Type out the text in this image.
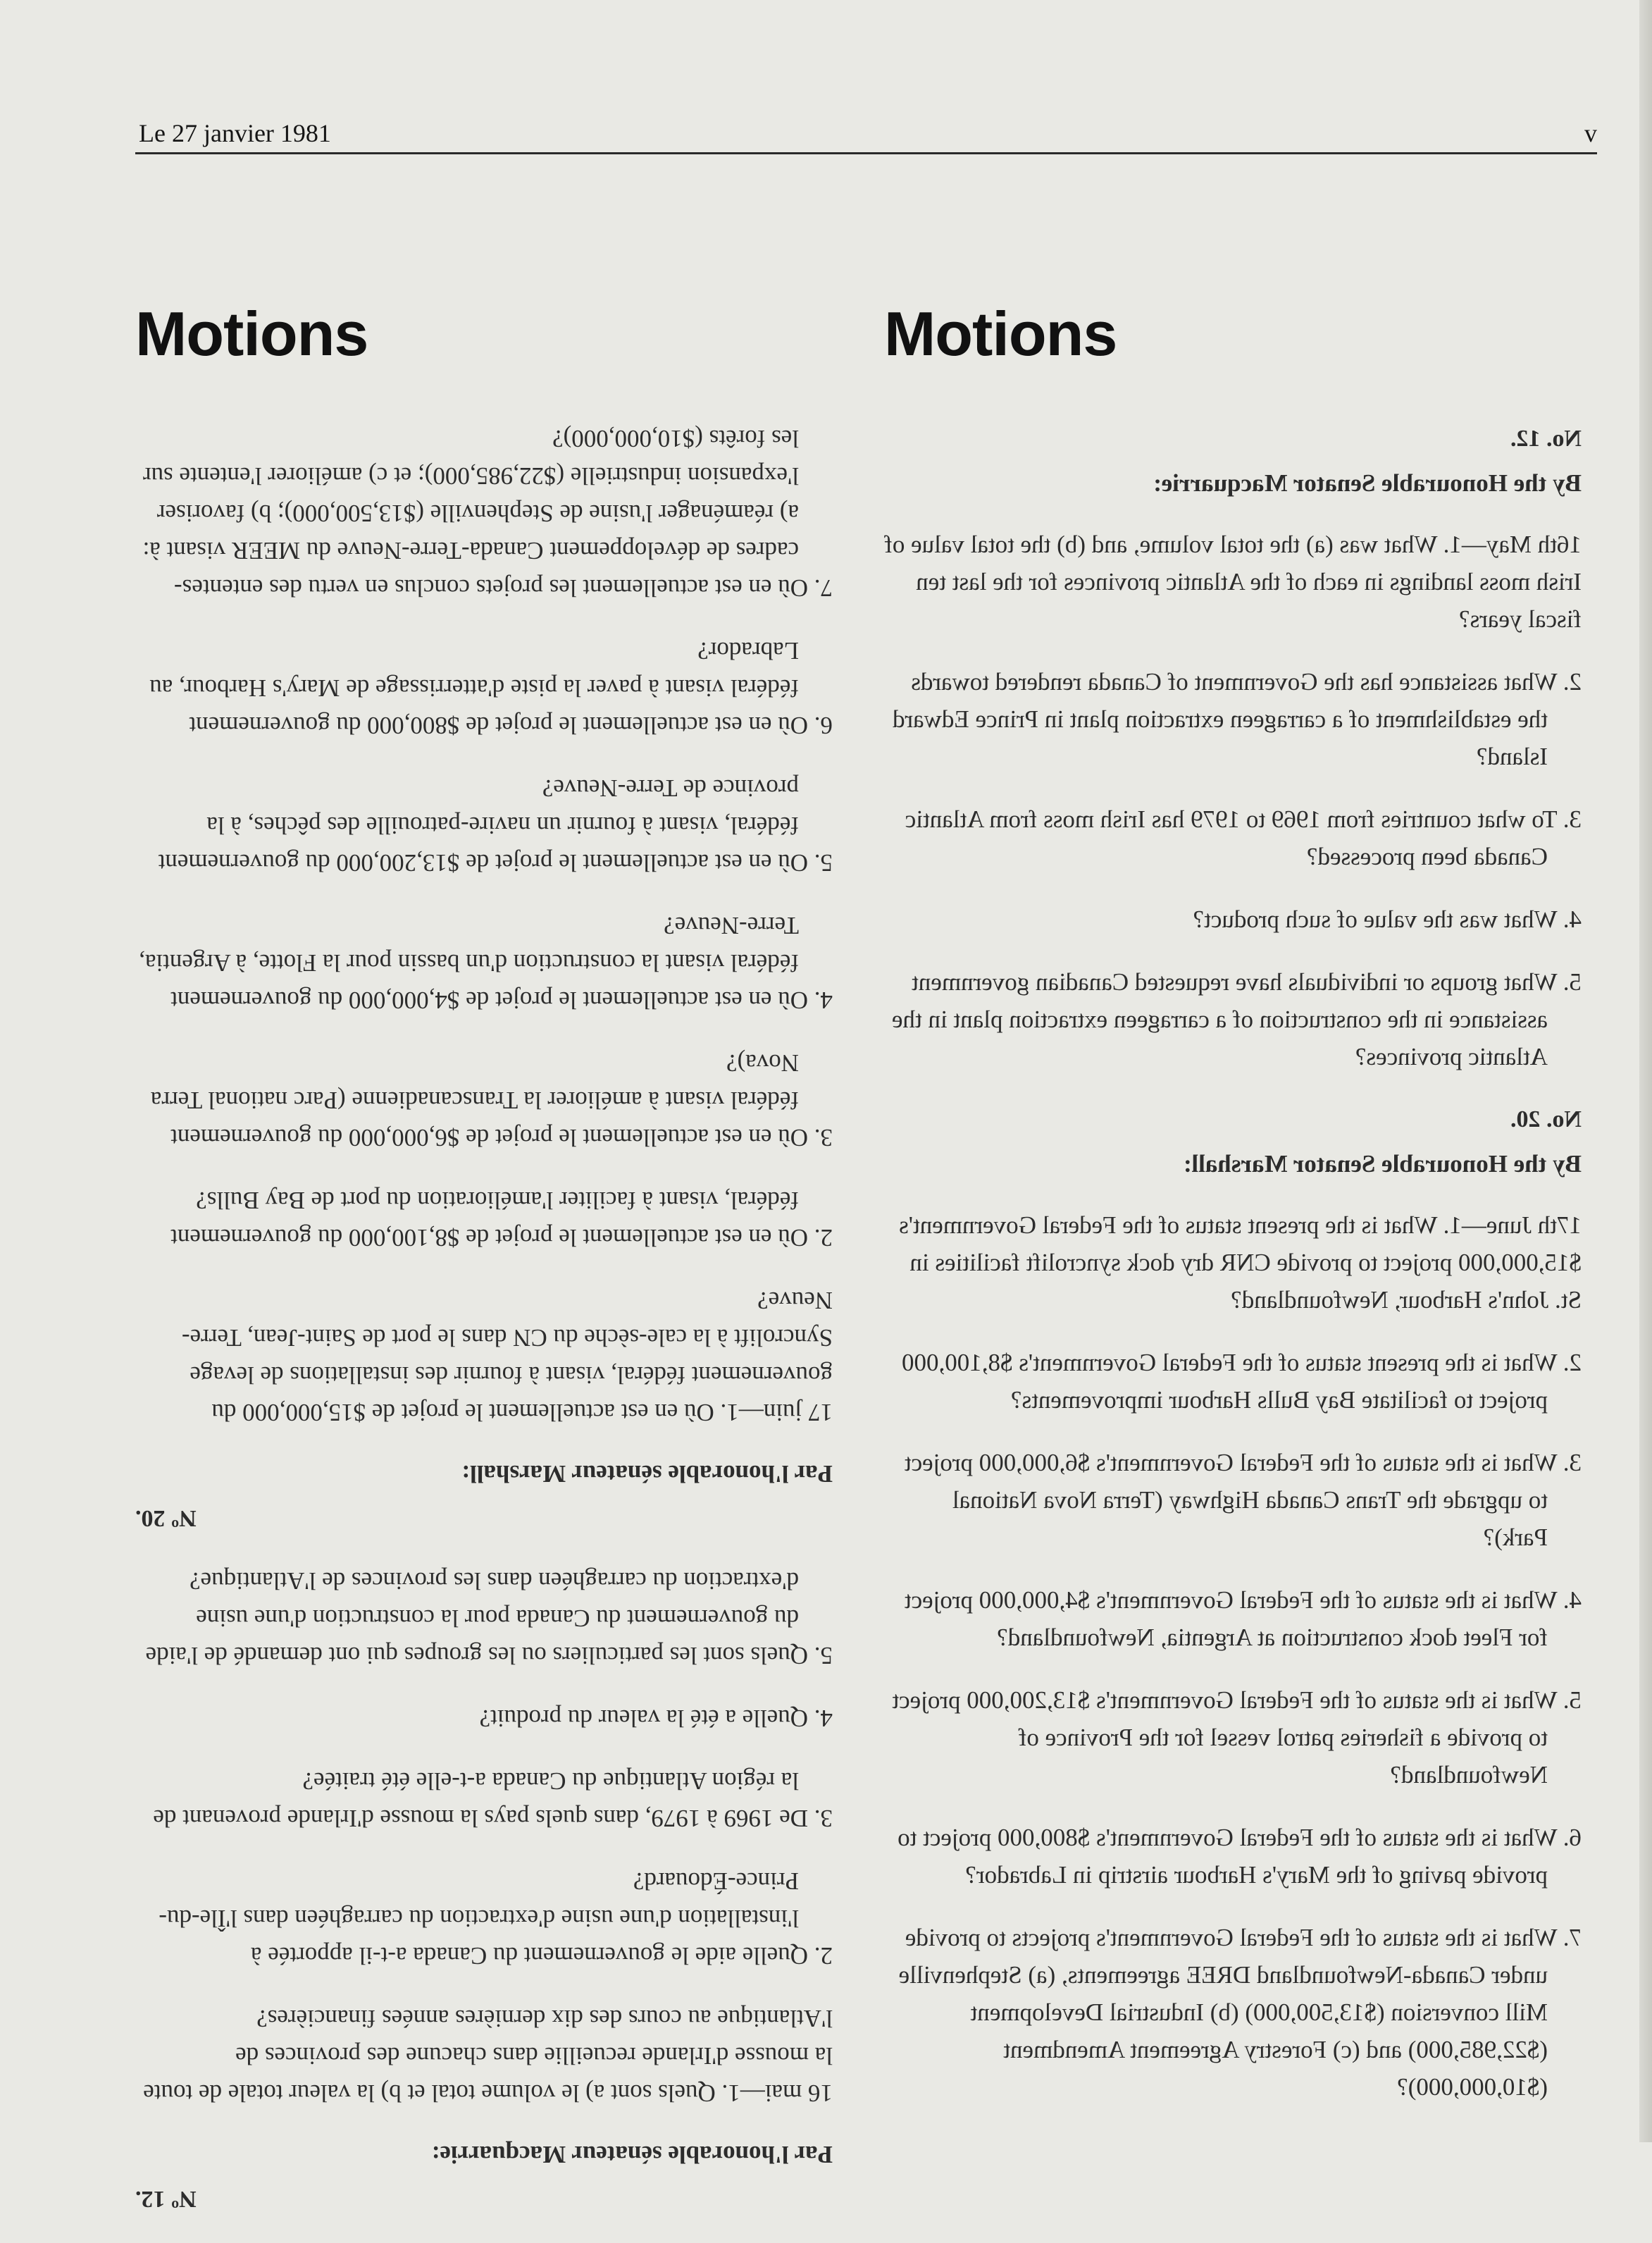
Le 27 janvier 1981	v
Motions
Nº 12.
Par l'honorable sénateur Macquarrie:

16 mai—1. Quels sont a) le volume total et b) la valeur totale de toute la mousse d'Irlande recueillie dans chacune des provinces de l'Atlantique au cours des dix dernières années financières?

2. Quelle aide le gouvernement du Canada a-t-il apportée à l'installation d'une usine d'extraction du carraghéen dans l'Île-du-Prince-Édouard?

3. De 1969 à 1979, dans quels pays la mousse d'Irlande provenant de la région Atlantique du Canada a-t-elle été traitée?

4. Quelle a été la valeur du produit?

5. Quels sont les particuliers ou les groupes qui ont demandé de l'aide du gouvernement du Canada pour la construction d'une usine d'extraction du carraghéen dans les provinces de l'Atlantique?

Nº 20.
Par l'honorable sénateur Marshall:

17 juin—1. Où en est actuellement le projet de $15,000,000 du gouvernement fédéral, visant à fournir des installations de levage Syncrolift à la cale-sèche du CN dans le port de Saint-Jean, Terre-Neuve?

2. Où en est actuellement le projet de $8,100,000 du gouvernement fédéral, visant à faciliter l'amélioration du port de Bay Bulls?

3. Où en est actuellement le projet de $6,000,000 du gouvernement fédéral visant à améliorer la Transcanadienne (Parc national Terra Nova)?

4. Où en est actuellement le projet de $4,000,000 du gouvernement fédéral visant la construction d'un bassin pour la Flotte, à Argentia, Terre-Neuve?

5. Où en est actuellement le projet de $13,200,000 du gouvernement fédéral, visant à fournir un navire-patrouille des pêches, à la province de Terre-Neuve?

6. Où en est actuellement le projet de $800,000 du gouvernement fédéral visant à paver la piste d'atterrissage de Mary's Harbour, au Labrador?

7. Où en est actuellement les projets conclus en vertu des ententes-cadres de développement Canada-Terre-Neuve du MEER visant à: a) réaménager l'usine de Stephenville ($13,500,000); b) favoriser l'expansion industrielle ($22,985,000); et c) améliorer l'entente sur les forêts ($10,000,000)?

Motions
No. 12.
By the Honourable Senator Macquarrie:

16th May—1. What was (a) the total volume, and (b) the total value of Irish moss landings in each of the Atlantic provinces for the last ten fiscal years?

2. What assistance has the Government of Canada rendered towards the establishment of a carrageen extraction plant in Prince Edward Island?

3. To what countries from 1969 to 1979 has Irish moss from Atlantic Canada been processed?

4. What was the value of such product?

5. What groups or individuals have requested Canadian government assistance in the construction of a carrageen extraction plant in the Atlantic provinces?

No. 20.
By the Honourable Senator Marshall:

17th June—1. What is the present status of the Federal Government's $15,000,000 project to provide CNR dry dock syncrolift facilities in St. John's Harbour, Newfoundland?

2. What is the present status of the Federal Government's $8,100,000 project to facilitate Bay Bulls Harbour improvements?

3. What is the status of the Federal Government's $6,000,000 project to upgrade the Trans Canada Highway (Terra Nova National Park)?

4. What is the status of the Federal Government's $4,000,000 project for Fleet dock construction at Argentia, Newfoundland?

5. What is the status of the Federal Government's $13,200,000 project to provide a fisheries patrol vessel for the Province of Newfoundland?

6. What is the status of the Federal Government's $800,000 project to provide paving of the Mary's Harbour airstrip in Labrador?

7. What is the status of the Federal Government's projects to provide under Canada-Newfoundland DREE agreements, (a) Stephenville Mill conversion ($13,500,000) (b) Industrial Development ($22,985,000) and (c) Forestry Agreement Amendment ($10,000,000)?
